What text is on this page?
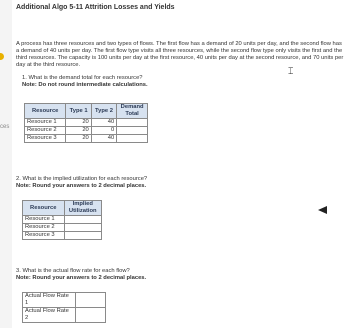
ces
Additional Algo 5-11 Attrition Losses and Yields

A process has three resources and two types of flows. The first flow has a demand of 20 units per day, and the second flow has a demand of 40 units per day. The first flow type visits all three resources, while the second flow type only visits the first and the third resources. The capacity is 100 units per day at the first resource, 40 units per day at the second resource, and 70 units per day at the third resource.

1. What is the demand total for each resource?
Note: Do not round intermediate calculations.
Resource	Type 1	Type 2	Demand Total
Resource 1	20	40	
Resource 2	20	0	
Resource 3	20	40	
2. What is the implied utilization for each resource?
Note: Round your answers to 2 decimal places.
Resource	Implied Utilization
Resource 1	
Resource 2	
Resource 3	
3. What is the actual flow rate for each flow?
Note: Round your answers to 2 decimal places.
Actual Flow Rate 1	
Actual Flow Rate 2	
⌶
